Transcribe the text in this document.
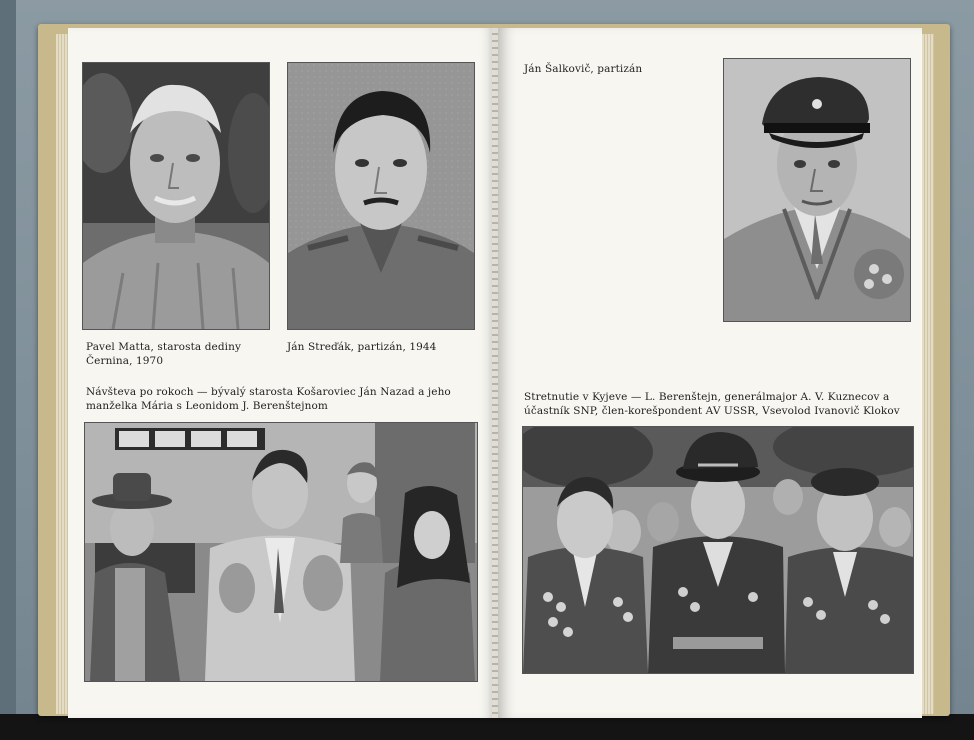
Pavel Matta, starosta dediny Černina, 1970
Ján Streďák, partizán, 1944
Návšteva po rokoch — bývalý starosta Košaroviec Ján Nazad a jeho manželka Mária s Leonidom J. Berenštejnom
Ján Šalkovič, partizán
Stretnutie v Kyjeve — L. Berenštejn, generálmajor A. V. Kuznecov a účastník SNP, člen-korešpondent AV USSR, Vsevolod Ivanovič Klokov
